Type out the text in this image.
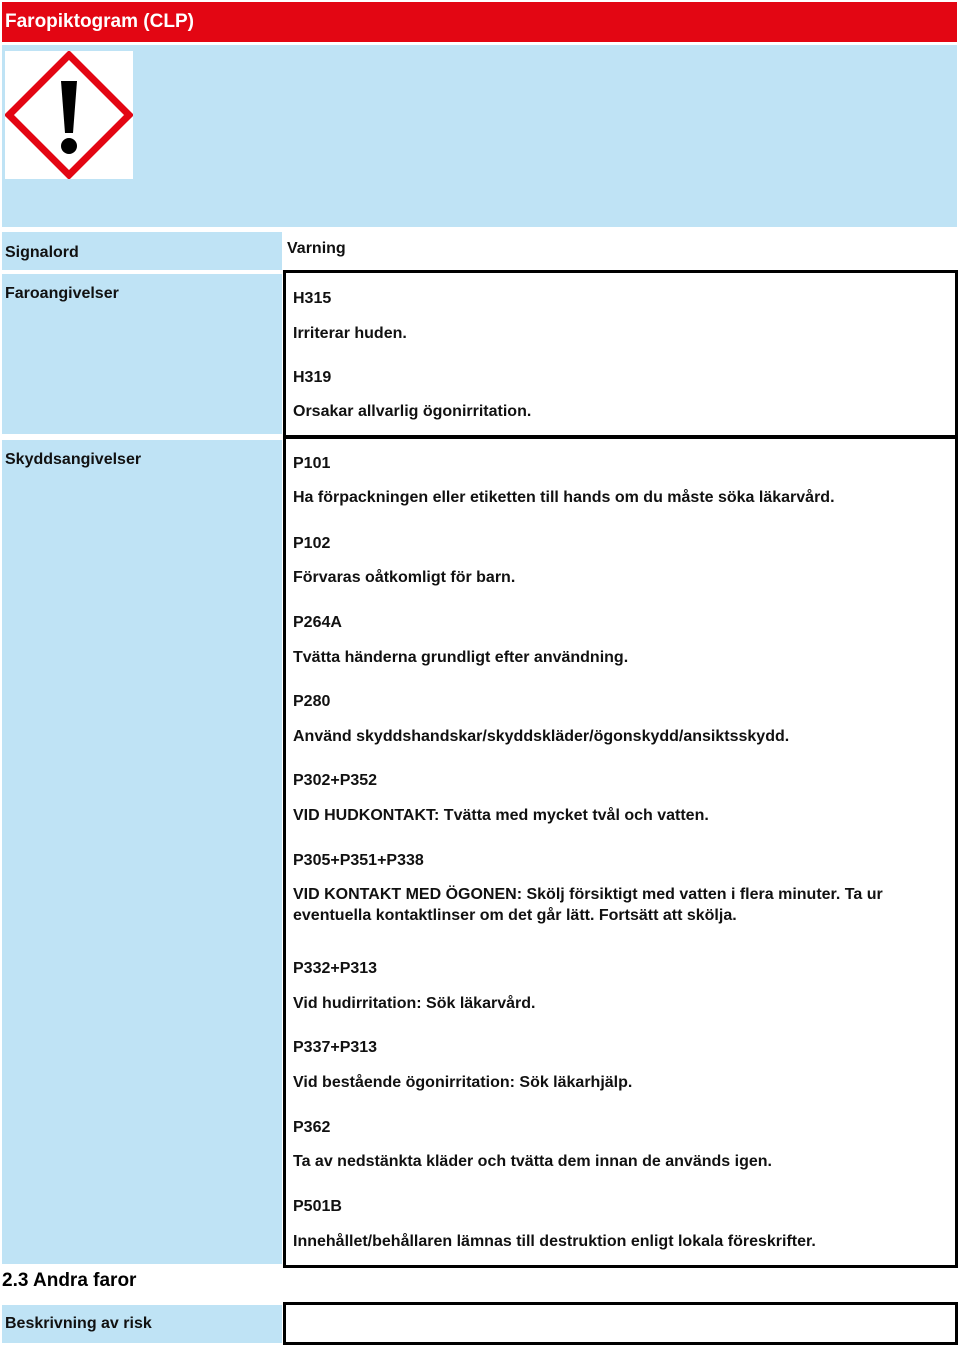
Faropiktogram (CLP)
Signalord	Varning
Faroangivelser	H315
Irriterar huden.
H319
Orsakar allvarlig ögonirritation.
Skyddsangivelser	P101
Ha förpackningen eller etiketten till hands om du måste söka läkarvård.
P102
Förvaras oåtkomligt för barn.
P264A
Tvätta händerna grundligt efter användning.
P280
Använd skyddshandskar/skyddskläder/ögonskydd/ansiktsskydd.
P302+P352
VID HUDKONTAKT: Tvätta med mycket tvål och vatten.
P305+P351+P338
VID KONTAKT MED ÖGONEN: Skölj försiktigt med vatten i flera minuter. Ta ur eventuella kontaktlinser om det går lätt. Fortsätt att skölja.
P332+P313
Vid hudirritation: Sök läkarvård.
P337+P313
Vid bestående ögonirritation: Sök läkarhjälp.
P362
Ta av nedstänkta kläder och tvätta dem innan de används igen.
P501B
Innehållet/behållaren lämnas till destruktion enligt lokala föreskrifter.
2.3 Andra faror
Beskrivning av risk
